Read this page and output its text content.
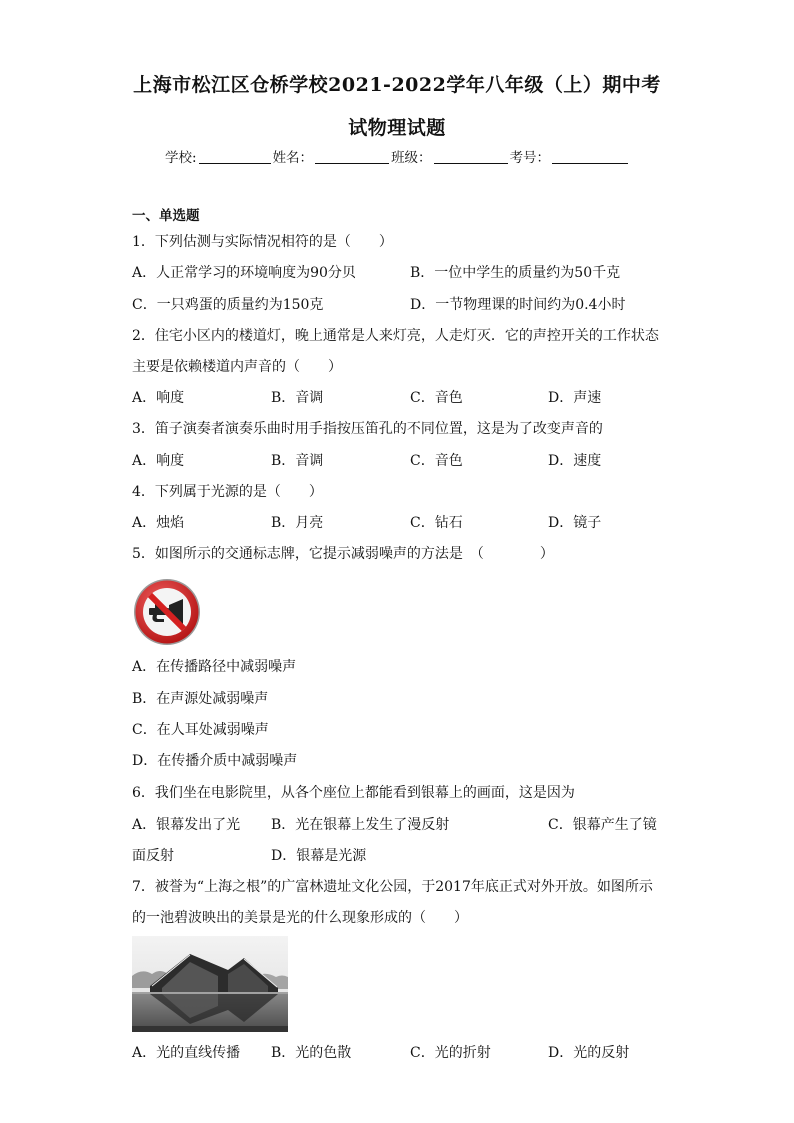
上海市松江区仓桥学校2021-2022学年八年级（上）期中考
试物理试题
学校:	姓名：	班级：	考号：
一、单选题
1．下列估测与实际情况相符的是（　　）
A．人正常学习的环境响度为90分贝	B．一位中学生的质量约为50千克
C．一只鸡蛋的质量约为150克	D．一节物理课的时间约为0.4小时
2．住宅小区内的楼道灯，晚上通常是人来灯亮，人走灯灭．它的声控开关的工作状态
主要是依赖楼道内声音的（　　）
A．响度	B．音调	C．音色	D．声速
3．笛子演奏者演奏乐曲时用手指按压笛孔的不同位置，这是为了改变声音的
A．响度	B．音调	C．音色	D．速度
4．下列属于光源的是（　　）
A．烛焰	B．月亮	C．钻石	D．镜子
5．如图所示的交通标志牌，它提示减弱噪声的方法是　（　　　　）
A．在传播路径中减弱噪声
B．在声源处减弱噪声
C．在人耳处减弱噪声
D．在传播介质中减弱噪声
6．我们坐在电影院里，从各个座位上都能看到银幕上的画面，这是因为
A．银幕发出了光 B．光在银幕上发生了漫反射	C．银幕产生了镜
面反射	D．银幕是光源
7．被誉为“上海之根”的广富林遗址文化公园，于2017年底正式对外开放。如图所示
的一池碧波映出的美景是光的什么现象形成的（　　）
A．光的直线传播 B．光的色散	C．光的折射	D．光的反射
